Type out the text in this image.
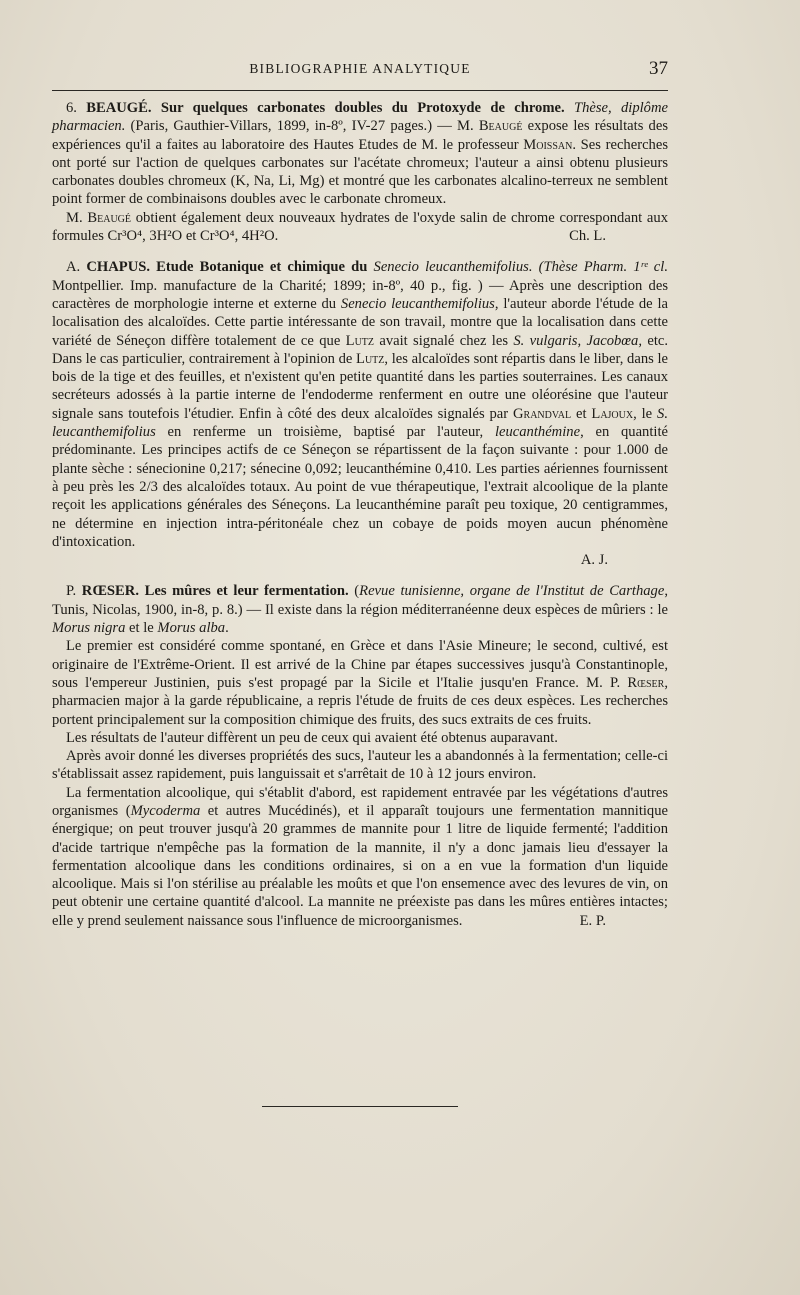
BIBLIOGRAPHIE ANALYTIQUE	37

6. BEAUGÉ. Sur quelques carbonates doubles du Protoxyde de chrome. Thèse, diplôme pharmacien. (Paris, Gauthier-Villars, 1899, in-8º, IV-27 pages.) — M. Beaugé expose les résultats des expériences qu'il a faites au laboratoire des Hautes Etudes de M. le professeur Moissan. Ses recherches ont porté sur l'action de quelques carbonates sur l'acétate chromeux; l'auteur a ainsi obtenu plusieurs carbonates doubles chromeux (K, Na, Li, Mg) et montré que les carbonates alcalino-terreux ne semblent point former de combinaisons doubles avec le carbonate chromeux.

M. Beaugé obtient également deux nouveaux hydrates de l'oxyde salin de chrome correspondant aux formules Cr³O⁴, 3H²O et Cr³O⁴, 4H²O.	Ch. L.

A. CHAPUS. Etude Botanique et chimique du Senecio leucanthemifolius. (Thèse Pharm. 1ʳᵉ cl. Montpellier. Imp. manufacture de la Charité; 1899; in-8º, 40 p., fig. ) — Après une description des caractères de morphologie interne et externe du Senecio leucanthemifolius, l'auteur aborde l'étude de la localisation des alcaloïdes. Cette partie intéressante de son travail, montre que la localisation dans cette variété de Séneçon diffère totalement de ce que Lutz avait signalé chez les S. vulgaris, Jacobœa, etc. Dans le cas particulier, contrairement à l'opinion de Lutz, les alcaloïdes sont répartis dans le liber, dans le bois de la tige et des feuilles, et n'existent qu'en petite quantité dans les parties souterraines. Les canaux secréteurs adossés à la partie interne de l'endoderme renferment en outre une oléorésine que l'auteur signale sans toutefois l'étudier. Enfin à côté des deux alcaloïdes signalés par Grandval et Lajoux, le S. leucanthemifolius en renferme un troisième, baptisé par l'auteur, leucanthémine, en quantité prédominante. Les principes actifs de ce Séneçon se répartissent de la façon suivante : pour 1.000 de plante sèche : sénecionine 0,217; sénecine 0,092; leucanthémine 0,410. Les parties aériennes fournissent à peu près les 2/3 des alcaloïdes totaux. Au point de vue thérapeutique, l'extrait alcoolique de la plante reçoit les applications générales des Séneçons. La leucanthémine paraît peu toxique, 20 centigrammes, ne détermine en injection intra-péritonéale chez un cobaye de poids moyen aucun phénomène d'intoxication.

A. J.

P. RŒSER. Les mûres et leur fermentation. (Revue tunisienne, organe de l'Institut de Carthage, Tunis, Nicolas, 1900, in-8, p. 8.) — Il existe dans la région méditerranéenne deux espèces de mûriers : le Morus nigra et le Morus alba.

Le premier est considéré comme spontané, en Grèce et dans l'Asie Mineure; le second, cultivé, est originaire de l'Extrême-Orient. Il est arrivé de la Chine par étapes successives jusqu'à Constantinople, sous l'empereur Justinien, puis s'est propagé par la Sicile et l'Italie jusqu'en France. M. P. Rœser, pharmacien major à la garde républicaine, a repris l'étude de fruits de ces deux espèces. Les recherches portent principalement sur la composition chimique des fruits, des sucs extraits de ces fruits.

Les résultats de l'auteur diffèrent un peu de ceux qui avaient été obtenus auparavant.

Après avoir donné les diverses propriétés des sucs, l'auteur les a abandonnés à la fermentation; celle-ci s'établissait assez rapidement, puis languissait et s'arrêtait de 10 à 12 jours environ.

La fermentation alcoolique, qui s'établit d'abord, est rapidement entravée par les végétations d'autres organismes (Mycoderma et autres Mucédinés), et il apparaît toujours une fermentation mannitique énergique; on peut trouver jusqu'à 20 grammes de mannite pour 1 litre de liquide fermenté; l'addition d'acide tartrique n'empêche pas la formation de la mannite, il n'y a donc jamais lieu d'essayer la fermentation alcoolique dans les conditions ordinaires, si on a en vue la formation d'un liquide alcoolique. Mais si l'on stérilise au préalable les moûts et que l'on ensemence avec des levures de vin, on peut obtenir une certaine quantité d'alcool. La mannite ne préexiste pas dans les mûres entières intactes; elle y prend seulement naissance sous l'influence de microorganismes.	E. P.
